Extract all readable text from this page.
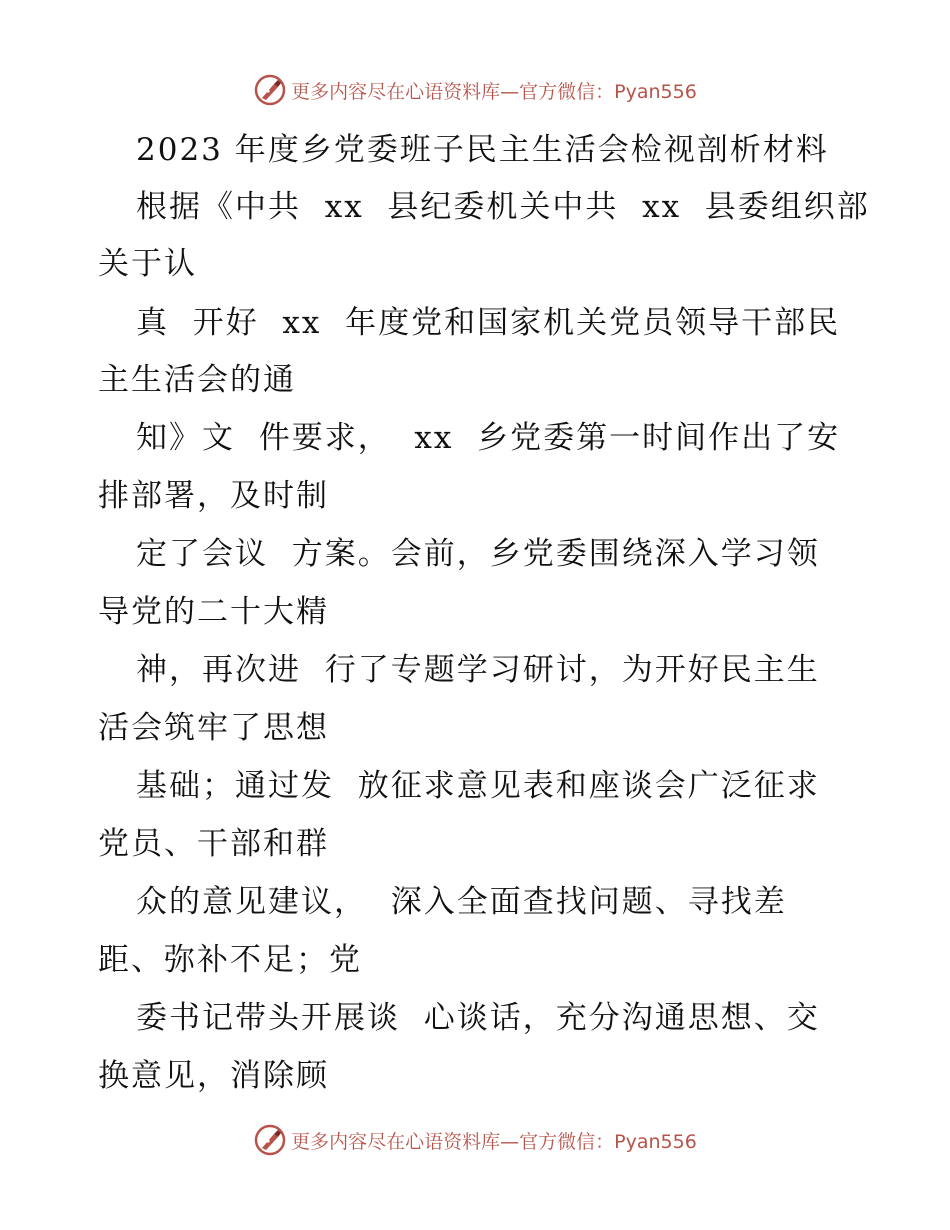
更多内容尽在心语资料库—官方微信：Pyan556
2023 年度乡党委班子民主生活会检视剖析材料
根据《中共  xx  县纪委机关中共  xx  县委组织部
关于认
真  开好  xx  年度党和国家机关党员领导干部民
主生活会的通
知》文  件要求，  xx  乡党委第一时间作出了安
排部署，及时制
定了会议  方案。会前，乡党委围绕深入学习领
导党的二十大精
神，再次进  行了专题学习研讨，为开好民主生
活会筑牢了思想
基础；通过发  放征求意见表和座谈会广泛征求
党员、干部和群
众的意见建议，  深入全面查找问题、寻找差
距、弥补不足；党
委书记带头开展谈  心谈话，充分沟通思想、交
换意见，消除顾
更多内容尽在心语资料库—官方微信：Pyan556
